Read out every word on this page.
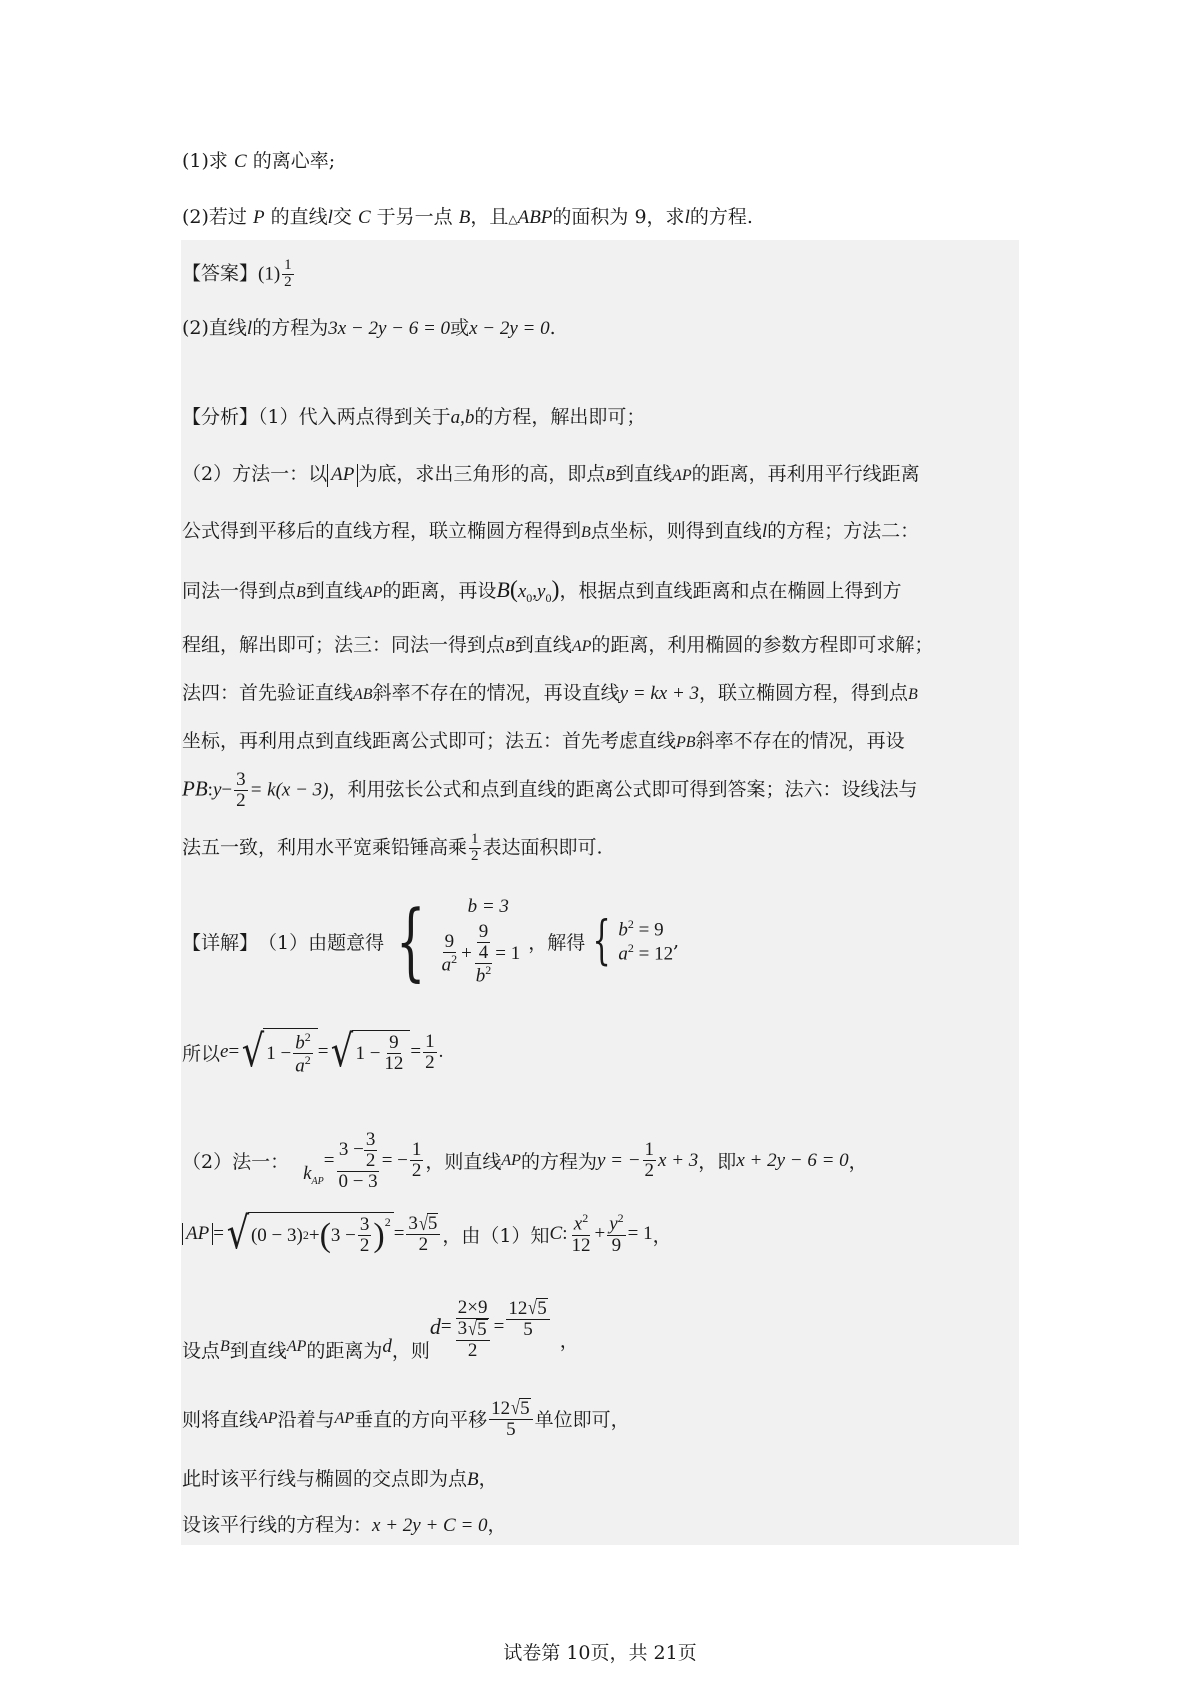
(1)求 C 的离心率;
(2)若过 P 的直线l交 C 于另一点 B，且△ABP的面积为 9，求l的方程.
【答案】$(1) \frac{1}{2}$
(2)直线l的方程为3x − 2y − 6 = 0或x − 2y = 0.
【分析】（1）代入两点得到关于a,b的方程，解出即可；
（2）方法一：以 AP 为底，求出三角形的高，即点B到直线AP的距离，再利用平行线距离
公式得到平移后的直线方程，联立椭圆方程得到B点坐标，则得到直线l的方程；方法二：
同法一得到点B到直线AP的距离，再设$B(x_0,y_0)$，根据点到直线距离和点在椭圆上得到方
程组，解出即可；法三：同法一得到点B到直线AP的距离，利用椭圆的参数方程即可求解；
法四：首先验证直线AB斜率不存在的情况，再设直线y = kx + 3，联立椭圆方程，得到点B
坐标，再利用点到直线距离公式即可；法五：首先考虑直线PB斜率不存在的情况，再设
PB:y− $\frac{3}{2} = k(x - 3)$，利用弦长公式和点到直线的距离公式即可得到答案；法六：设线法与
法五一致，利用水平宽乘铅锤高乘 $\frac{1}{2}$ 表达面积即可.
【详解】 （1）由题意得 {	b = 3
$\frac{9}{a^2} + \frac{\frac{9}{4}}{b^2} = 1$ ，解得 { $b^2 = 9$
$a^2 = 12$
,
所以 e = √ $1 - \frac{b^2}{a^2}$ = √ $1 - \frac{9}{12} = \frac{1}{2}$ .
（2）法一： $k_{AP}$
= $\frac{3 - \frac{3}{2}}{0 - 3}$ = − $\frac{1}{2}$ ，则直线 AP 的方程为 y = − $\frac{1}{2}$ x + 3 ，即 x + 2y − 6 = 0 ，
AP = √ (0 − 3) 2 + ( $3 - \frac{3}{2} )^2$
= $\frac{3 √ 5}{2}$ ，由（1）知 C : $\frac{x^2}{12} + \frac{y^2}{9} = 1$ ，
设点 B 到直线 AP 的距离为 d ，则
$d = \frac{2\times 9}{\frac{3 √ 5}{2}} = \frac{12 √ 5}{5}$
，
则将直线 AP 沿着与 AP 垂直的方向平移 $\frac{12 √ 5}{5}$ 单位即可，
此时该平行线与椭圆的交点即为点B，
设该平行线的方程为：x + 2y + C = 0，
试卷第 10页，共 21页
